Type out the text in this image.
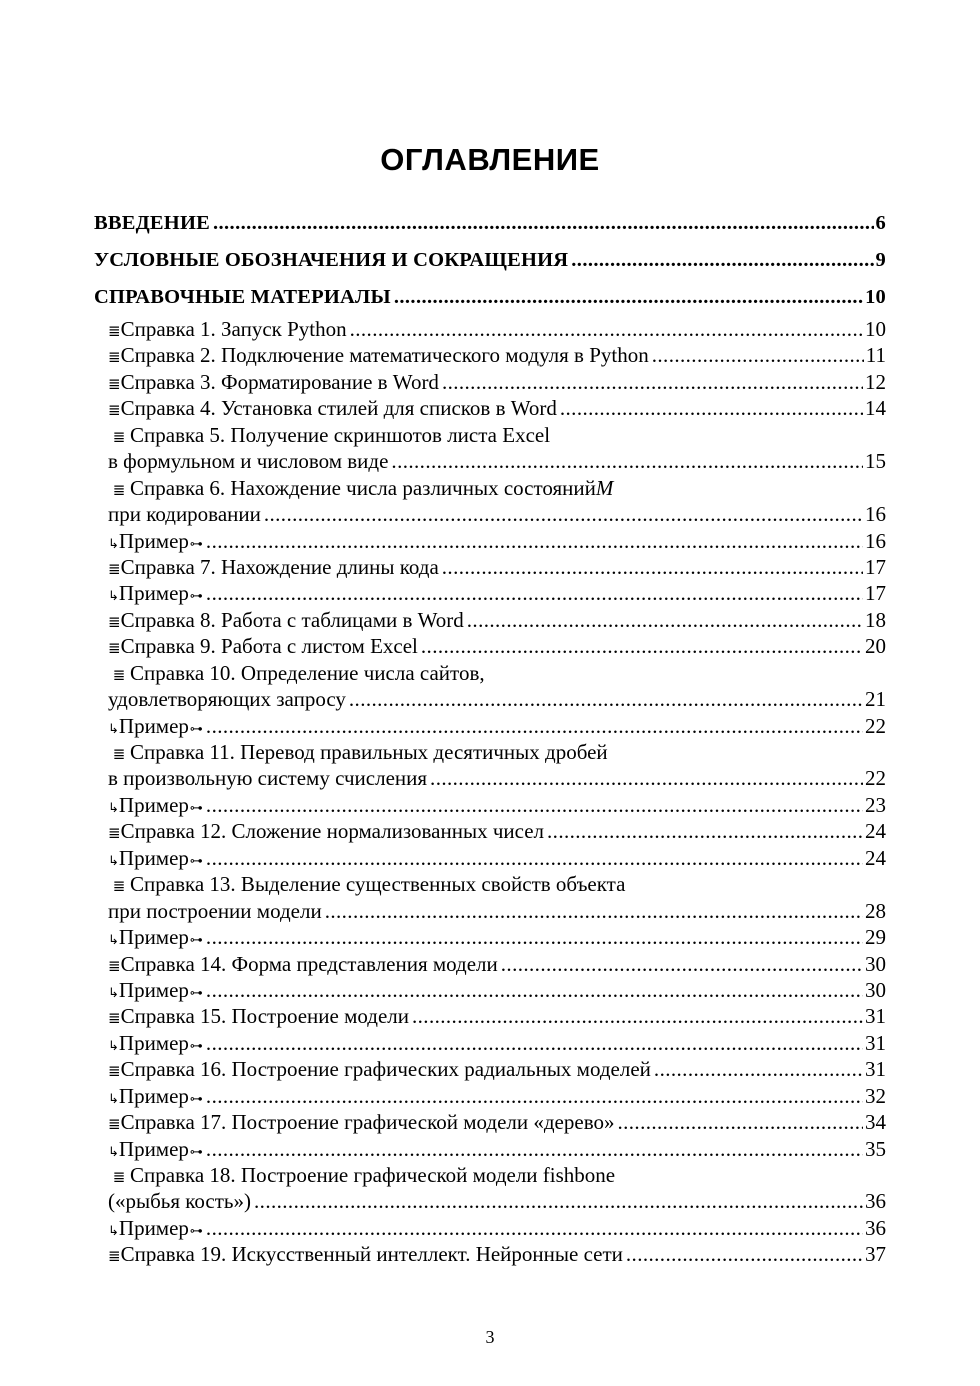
ОГЛАВЛЕНИЕ
ВВЕДЕНИЕ .....	6
УСЛОВНЫЕ ОБОЗНАЧЕНИЯ И СОКРАЩЕНИЯ .....	9
СПРАВОЧНЫЕ МАТЕРИАЛЫ .....	10
≣ Справка 1. Запуск Python .....	10
≣ Справка 2. Подключение математического модуля в Python .....	11
≣ Справка 3. Форматирование в Word .....	12
≣ Справка 4. Установка стилей для списков в Word .....	14
≣ Справка 5. Получение скриншотов листа Excel
в формульном и числовом виде .....	15
≣ Справка 6. Нахождение числа различных состояний M
при кодировании .....	16
↳ Пример ⊶ .....	16
≣ Справка 7. Нахождение длины кода .....	17
↳ Пример ⊶ .....	17
≣ Справка 8. Работа с таблицами в Word .....	18
≣ Справка 9. Работа с листом Excel .....	20
≣ Справка 10. Определение числа сайтов,
удовлетворяющих запросу .....	21
↳ Пример ⊶ .....	22
≣ Справка 11. Перевод правильных десятичных дробей
в произвольную систему счисления .....	22
↳ Пример ⊶ .....	23
≣ Справка 12. Сложение нормализованных чисел .....	24
↳ Пример ⊶ .....	24
≣ Справка 13. Выделение существенных свойств объекта
при построении модели .....	28
↳ Пример ⊶ .....	29
≣ Справка 14. Форма представления модели .....	30
↳ Пример ⊶ .....	30
≣ Справка 15. Построение модели .....	31
↳ Пример ⊶ .....	31
≣ Справка 16. Построение графических радиальных моделей .....	31
↳ Пример ⊶ .....	32
≣ Справка 17. Построение графической модели «дерево» .....	34
↳ Пример ⊶ .....	35
≣ Справка 18. Построение графической модели fishbone
(«рыбья кость») .....	36
↳ Пример ⊶ .....	36
≣ Справка 19. Искусственный интеллект. Нейронные сети .....	37
3
